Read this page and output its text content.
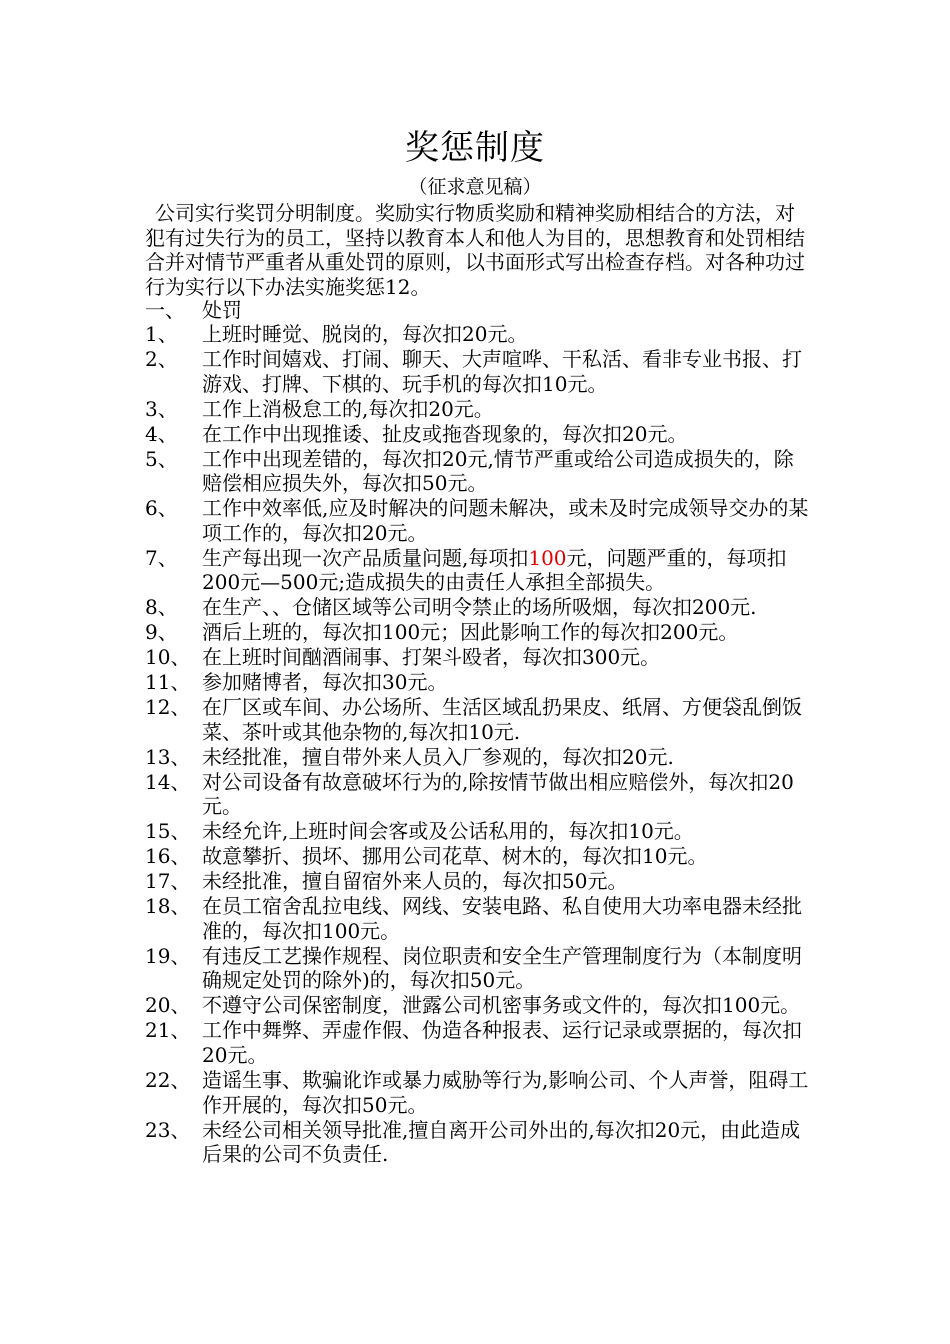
奖惩制度
（征求意见稿）
公司实行奖罚分明制度。奖励实行物质奖励和精神奖励相结合的方法，对犯有过失行为的员工，坚持以教育本人和他人为目的，思想教育和处罚相结合并对情节严重者从重处罚的原则，以书面形式写出检查存档。对各种功过行为实行以下办法实施奖惩12。
一、 处罚
1、	上班时睡觉、脱岗的，每次扣20元。
2、	工作时间嬉戏、打闹、聊天、大声喧哗、干私活、看非专业书报、打游戏、打牌、下棋的、玩手机的每次扣10元。
3、	工作上消极怠工的,每次扣20元。
4、	在工作中出现推诿、扯皮或拖沓现象的，每次扣20元。
5、	工作中出现差错的，每次扣20元,情节严重或给公司造成损失的，除赔偿相应损失外，每次扣50元。
6、	工作中效率低,应及时解决的问题未解决，或未及时完成领导交办的某项工作的，每次扣20元。
7、	生产每出现一次产品质量问题,每项扣100元，问题严重的，每项扣200元—500元;造成损失的由责任人承担全部损失。
8、	在生产、、仓储区域等公司明令禁止的场所吸烟，每次扣200元.
9、	酒后上班的，每次扣100元；因此影响工作的每次扣200元。
10、 在上班时间酗酒闹事、打架斗殴者，每次扣300元。
11、 参加赌博者，每次扣30元。
12、 在厂区或车间、办公场所、生活区域乱扔果皮、纸屑、方便袋乱倒饭菜、茶叶或其他杂物的,每次扣10元.
13、 未经批准，擅自带外来人员入厂参观的，每次扣20元.
14、 对公司设备有故意破坏行为的,除按情节做出相应赔偿外，每次扣20元。
15、 未经允许,上班时间会客或及公话私用的，每次扣10元。
16、 故意攀折、损坏、挪用公司花草、树木的，每次扣10元。
17、 未经批准，擅自留宿外来人员的，每次扣50元。
18、 在员工宿舍乱拉电线、网线、安装电路、私自使用大功率电器未经批准的，每次扣100元。
19、 有违反工艺操作规程、岗位职责和安全生产管理制度行为（本制度明确规定处罚的除外)的，每次扣50元。
20、 不遵守公司保密制度，泄露公司机密事务或文件的，每次扣100元。
21、 工作中舞弊、弄虚作假、伪造各种报表、运行记录或票据的，每次扣20元。
22、 造谣生事、欺骗讹诈或暴力威胁等行为,影响公司、个人声誉，阻碍工作开展的，每次扣50元。
23、 未经公司相关领导批准,擅自离开公司外出的,每次扣20元，由此造成后果的公司不负责任.
